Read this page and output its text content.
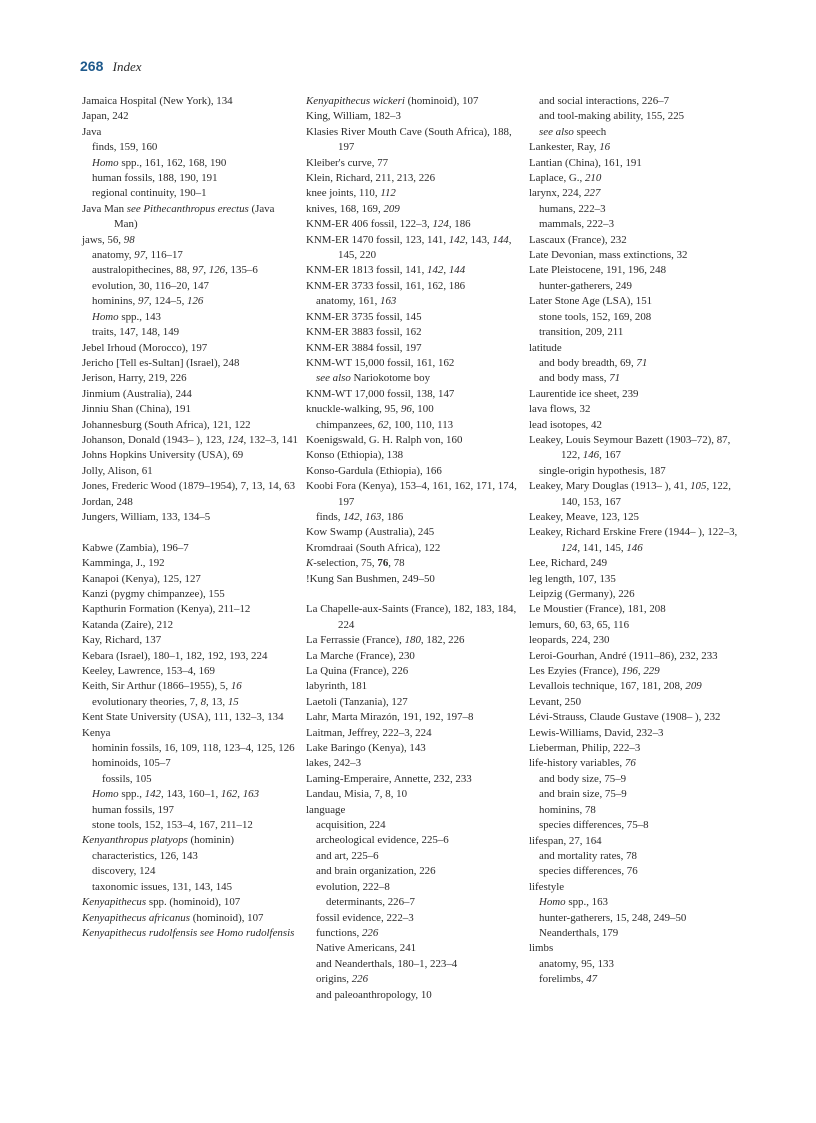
268 Index
Jamaica Hospital (New York), 134
Japan, 242
Java
finds, 159, 160
Homo spp., 161, 162, 168, 190
human fossils, 188, 190, 191
regional continuity, 190–1
Java Man see Pithecanthropus erectus (Java Man)
jaws, 56, 98
anatomy, 97, 116–17
australopithecines, 88, 97, 126, 135–6
evolution, 30, 116–20, 147
hominins, 97, 124–5, 126
Homo spp., 143
traits, 147, 148, 149
Jebel Irhoud (Morocco), 197
Jericho [Tell es-Sultan] (Israel), 248
Jerison, Harry, 219, 226
Jinmium (Australia), 244
Jinniu Shan (China), 191
Johannesburg (South Africa), 121, 122
Johanson, Donald (1943– ), 123, 124, 132–3, 141
Johns Hopkins University (USA), 69
Jolly, Alison, 61
Jones, Frederic Wood (1879–1954), 7, 13, 14, 63
Jordan, 248
Jungers, William, 133, 134–5
Kabwe (Zambia), 196–7
Kamminga, J., 192
Kanapoi (Kenya), 125, 127
Kanzi (pygmy chimpanzee), 155
Kapthurin Formation (Kenya), 211–12
Katanda (Zaire), 212
Kay, Richard, 137
Kebara (Israel), 180–1, 182, 192, 193, 224
Keeley, Lawrence, 153–4, 169
Keith, Sir Arthur (1866–1955), 5, 16
evolutionary theories, 7, 8, 13, 15
Kent State University (USA), 111, 132–3, 134
Kenya
hominin fossils, 16, 109, 118, 123–4, 125, 126
hominoids, 105–7
fossils, 105
Homo spp., 142, 143, 160–1, 162, 163
human fossils, 197
stone tools, 152, 153–4, 167, 211–12
Kenyanthropus platyops (hominin)
characteristics, 126, 143
discovery, 124
taxonomic issues, 131, 143, 145
Kenyapithecus spp. (hominoid), 107
Kenyapithecus africanus (hominoid), 107
Kenyapithecus rudolfensis see Homo rudolfensis
Kenyapithecus wickeri (hominoid), 107
King, William, 182–3
Klasies River Mouth Cave (South Africa), 188, 197
Kleiber's curve, 77
Klein, Richard, 211, 213, 226
knee joints, 110, 112
knives, 168, 169, 209
KNM-ER 406 fossil, 122–3, 124, 186
KNM-ER 1470 fossil, 123, 141, 142, 143, 144, 145, 220
KNM-ER 1813 fossil, 141, 142, 144
KNM-ER 3733 fossil, 161, 162, 186
anatomy, 161, 163
KNM-ER 3735 fossil, 145
KNM-ER 3883 fossil, 162
KNM-ER 3884 fossil, 197
KNM-WT 15,000 fossil, 161, 162
see also Nariokotome boy
KNM-WT 17,000 fossil, 138, 147
knuckle-walking, 95, 96, 100
chimpanzees, 62, 100, 110, 113
Koenigswald, G. H. Ralph von, 160
Konso (Ethiopia), 138
Konso-Gardula (Ethiopia), 166
Koobi Fora (Kenya), 153–4, 161, 162, 171, 174, 197
finds, 142, 163, 186
Kow Swamp (Australia), 245
Kromdraai (South Africa), 122
K-selection, 75, 76, 78
!Kung San Bushmen, 249–50
La Chapelle-aux-Saints (France), 182, 183, 184, 224
La Ferrassie (France), 180, 182, 226
La Marche (France), 230
La Quina (France), 226
labyrinth, 181
Laetoli (Tanzania), 127
Lahr, Marta Mirazón, 191, 192, 197–8
Laitman, Jeffrey, 222–3, 224
Lake Baringo (Kenya), 143
lakes, 242–3
Laming-Emperaire, Annette, 232, 233
Landau, Misia, 7, 8, 10
language
acquisition, 224
archeological evidence, 225–6
and art, 225–6
and brain organization, 226
evolution, 222–8
determinants, 226–7
fossil evidence, 222–3
functions, 226
Native Americans, 241
and Neanderthals, 180–1, 223–4
origins, 226
and paleoanthropology, 10
and social interactions, 226–7
and tool-making ability, 155, 225
see also speech
Lankester, Ray, 16
Lantian (China), 161, 191
Laplace, G., 210
larynx, 224, 227
humans, 222–3
mammals, 222–3
Lascaux (France), 232
Late Devonian, mass extinctions, 32
Late Pleistocene, 191, 196, 248
hunter-gatherers, 249
Later Stone Age (LSA), 151
stone tools, 152, 169, 208
transition, 209, 211
latitude
and body breadth, 69, 71
and body mass, 71
Laurentide ice sheet, 239
lava flows, 32
lead isotopes, 42
Leakey, Louis Seymour Bazett (1903–72), 87, 122, 146, 167
single-origin hypothesis, 187
Leakey, Mary Douglas (1913– ), 41, 105, 122, 140, 153, 167
Leakey, Meave, 123, 125
Leakey, Richard Erskine Frere (1944– ), 122–3, 124, 141, 145, 146
Lee, Richard, 249
leg length, 107, 135
Leipzig (Germany), 226
Le Moustier (France), 181, 208
lemurs, 60, 63, 65, 116
leopards, 224, 230
Leroi-Gourhan, André (1911–86), 232, 233
Les Ezyies (France), 196, 229
Levallois technique, 167, 181, 208, 209
Levant, 250
Lévi-Strauss, Claude Gustave (1908– ), 232
Lewis-Williams, David, 232–3
Lieberman, Philip, 222–3
life-history variables, 76
and body size, 75–9
and brain size, 75–9
hominins, 78
species differences, 75–8
lifespan, 27, 164
and mortality rates, 78
species differences, 76
lifestyle
Homo spp., 163
hunter-gatherers, 15, 248, 249–50
Neanderthals, 179
limbs
anatomy, 95, 133
forelimbs, 47
